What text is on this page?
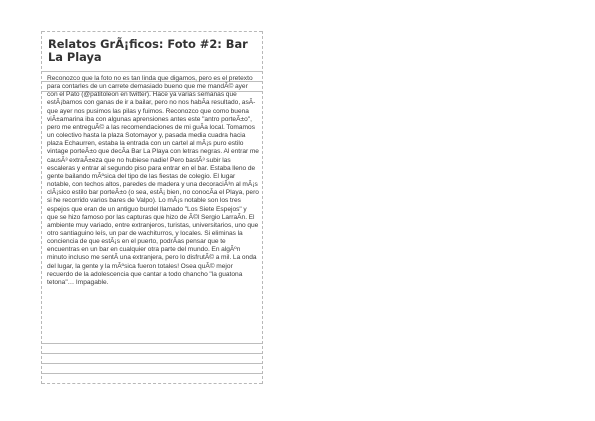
Relatos GrÃ¡ficos: Foto #2: Bar La Playa
Reconozco que la foto no es tan linda que digamos, pero es el pretexto para contarles de un carrete demasiado bueno que me mandÃ© ayer con el Pato (@patitoleon en twitter). Hace ya varias semanas que estÃ¡bamos con ganas de ir a bailar, pero no nos habÃa resultado, asÃ que ayer nos pusimos las pilas y fuimos. Reconozco que como buena viÃ±amarina iba con algunas aprensiones antes este "antro porteÃ±o", pero me entreguÃ© a las recomendaciones de mi guÃa local. Tomamos un colectivo hasta la plaza Sotomayor y, pasada media cuadra hacia plaza Echaurren, estaba la entrada con un cartel al mÃ¡s puro estilo vintage porteÃ±o que decÃa Bar La Playa con letras negras. Al entrar me causÃ³ extraÃ±eza que no hubiese nadie! Pero bastÃ³ subir las escaleras y entrar al segundo piso para entrar en el bar. Estaba lleno de gente bailando mÃºsica del tipo de las fiestas de colegio. El lugar notable, con techos altos, paredes de madera y una decoraciÃ³n al mÃ¡s clÃ¡sico estilo bar porteÃ±o (o sea, estÃ¡ bien, no conocÃa el Playa, pero si he recorrido varios bares de Valpo). Lo mÃ¡s notable son los tres espejos que eran de un antiguo burdel llamado "Los Siete Espejos" y que se hizo famoso por las capturas que hizo de Ã©l Sergio LarraÃn. El ambiente muy variado, entre extranjeros, turistas, universitarios, uno que otro santiaguino leís, un par de wachiturros, y locales. Si eliminas la conciencia de que estÃ¡s en el puerto, podrÃas pensar que te encuentras en un bar en cualquier otra parte del mundo. En algÃºn minuto incluso me sentÃ una extranjera, pero lo disfrutÃ© a mil. La onda del lugar, la gente y la mÃºsica fueron totales! Osea quÃ© mejor recuerdo de la adolescencia que cantar a todo chancho "la guatona tetona"… Impagable.
